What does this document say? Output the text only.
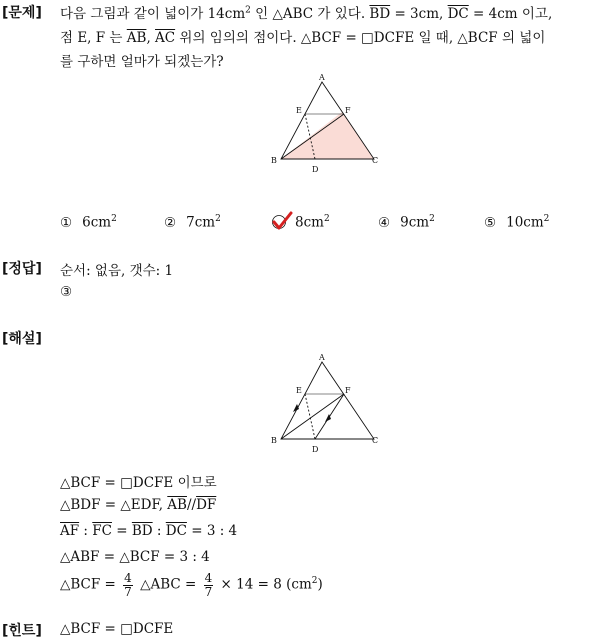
[문제]
[정답]
[해설]
[힌트]
다음 그림과 같이 넓이가 $14cm^2$ 인 △ABC 가 있다. $\overline{BD} = 3cm$, $\overline{DC} = 4cm$ 이고,
점 E, F 는 $\overline{AB}$, $\overline{AC}$ 위의 임의의 점이다. △BCF = □DCFE 일 때, △BCF 의 넓이
를 구하면 얼마가 되겠는가?
A
E	F
B	C
D
① $6cm^2$	② $7cm^2$	$8cm^2$	④ $9cm^2$	⑤ $10cm^2$
순서: 없음, 갯수: 1
③
A
E	F
B	C
D
△BCF = □DCFE 이므로
△BDF = △EDF, $\overline{AB}//\overline{DF}$
$\overline{AF}$ : $\overline{FC} = \overline{BD}$ : $\overline{DC} = 3$ : 4
△ABF = △BCF = 3 : 4
△BCF = $\frac{4}{7}$ △ABC = $\frac{4}{7} \times 14 = 8$ $(cm^2)$
△BCF = □DCFE
